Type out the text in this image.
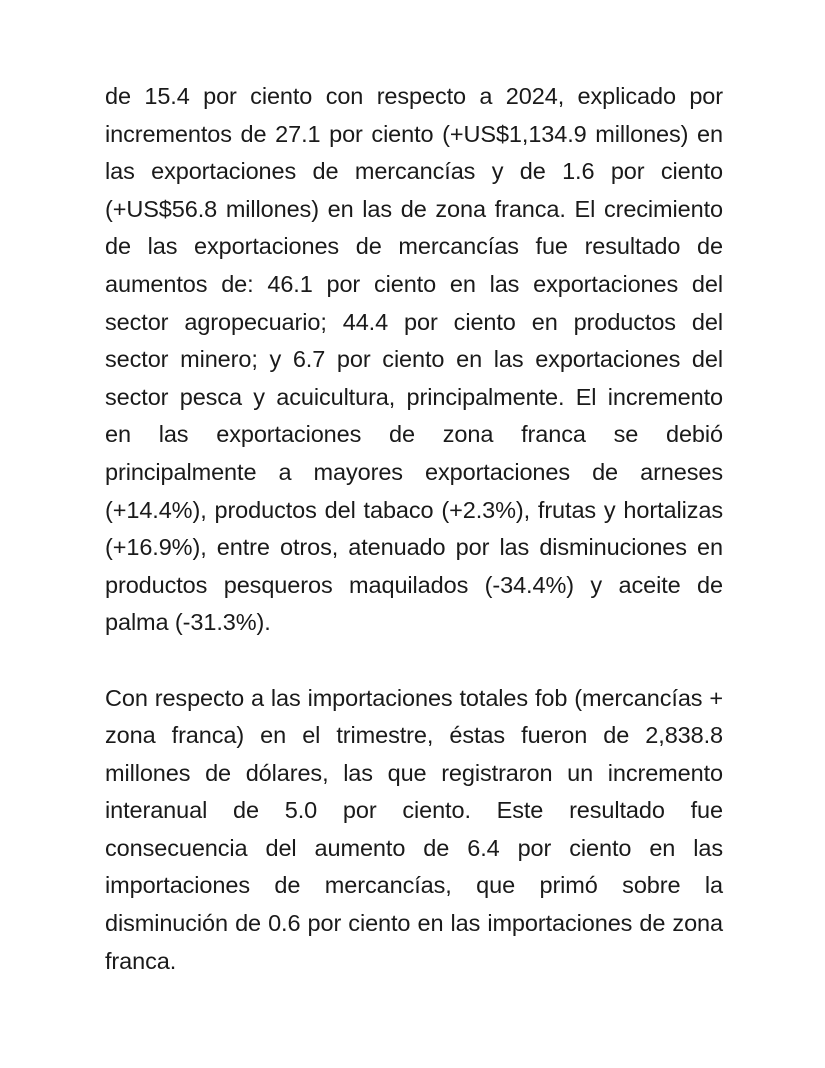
de 15.4 por ciento con respecto a 2024, explicado por incrementos de 27.1 por ciento (+US$1,134.9 millones) en las exportaciones de mercancías y de 1.6 por ciento (+US$56.8 millones) en las de zona franca. El crecimiento de las exportaciones de mercancías fue resultado de aumentos de: 46.1 por ciento en las exportaciones del sector agropecuario; 44.4 por ciento en productos del sector minero; y 6.7 por ciento en las exportaciones del sector pesca y acuicultura, principalmente. El incremento en las exportaciones de zona franca se debió principalmente a mayores exportaciones de arneses (+14.4%), productos del tabaco (+2.3%), frutas y hortalizas (+16.9%), entre otros, atenuado por las disminuciones en productos pesqueros maquilados (-34.4%) y aceite de palma (-31.3%).

Con respecto a las importaciones totales fob (mercancías + zona franca) en el trimestre, éstas fueron de 2,838.8 millones de dólares, las que registraron un incremento interanual de 5.0 por ciento. Este resultado fue consecuencia del aumento de 6.4 por ciento en las importaciones de mercancías, que primó sobre la disminución de 0.6 por ciento en las importaciones de zona franca.
